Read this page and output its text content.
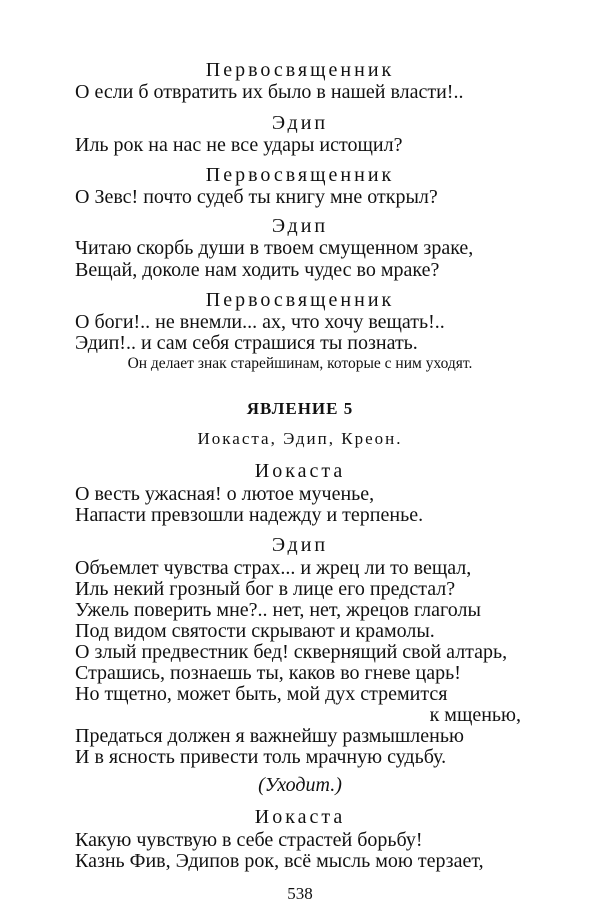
Первосвященник
О если б отвратить их было в нашей власти!..
Эдип
Иль рок на нас не все удары истощил?
Первосвященник
О Зевс! почто судеб ты книгу мне открыл?
Эдип
Читаю скорбь души в твоем смущенном зраке,
Вещай, доколе нам ходить чудес во мраке?
Первосвященник
О боги!.. не внемли... ах, что хочу вещать!..
Эдип!.. и сам себя страшися ты познать.
Он делает знак старейшинам, которые с ним уходят.
ЯВЛЕНИЕ 5
Иокаста, Эдип, Креон.
Иокаста
О весть ужасная! о лютое мученье,
Напасти превзошли надежду и терпенье.
Эдип
Объемлет чувства страх... и жрец ли то вещал,
Иль некий грозный бог в лице его предстал?
Ужель поверить мне?.. нет, нет, жрецов глаголы
Под видом святости скрывают и крамолы.
О злый предвестник бед! сквернящий свой алтарь,
Страшись, познаешь ты, каков во гневе царь!
Но тщетно, может быть, мой дух стремится
к мщенью,
Предаться должен я важнейшу размышленью
И в ясность привести толь мрачную судьбу.
(Уходит.)
Иокаста
Какую чувствую в себе страстей борьбу!
Казнь Фив, Эдипов рок, всё мысль мою терзает,
538
